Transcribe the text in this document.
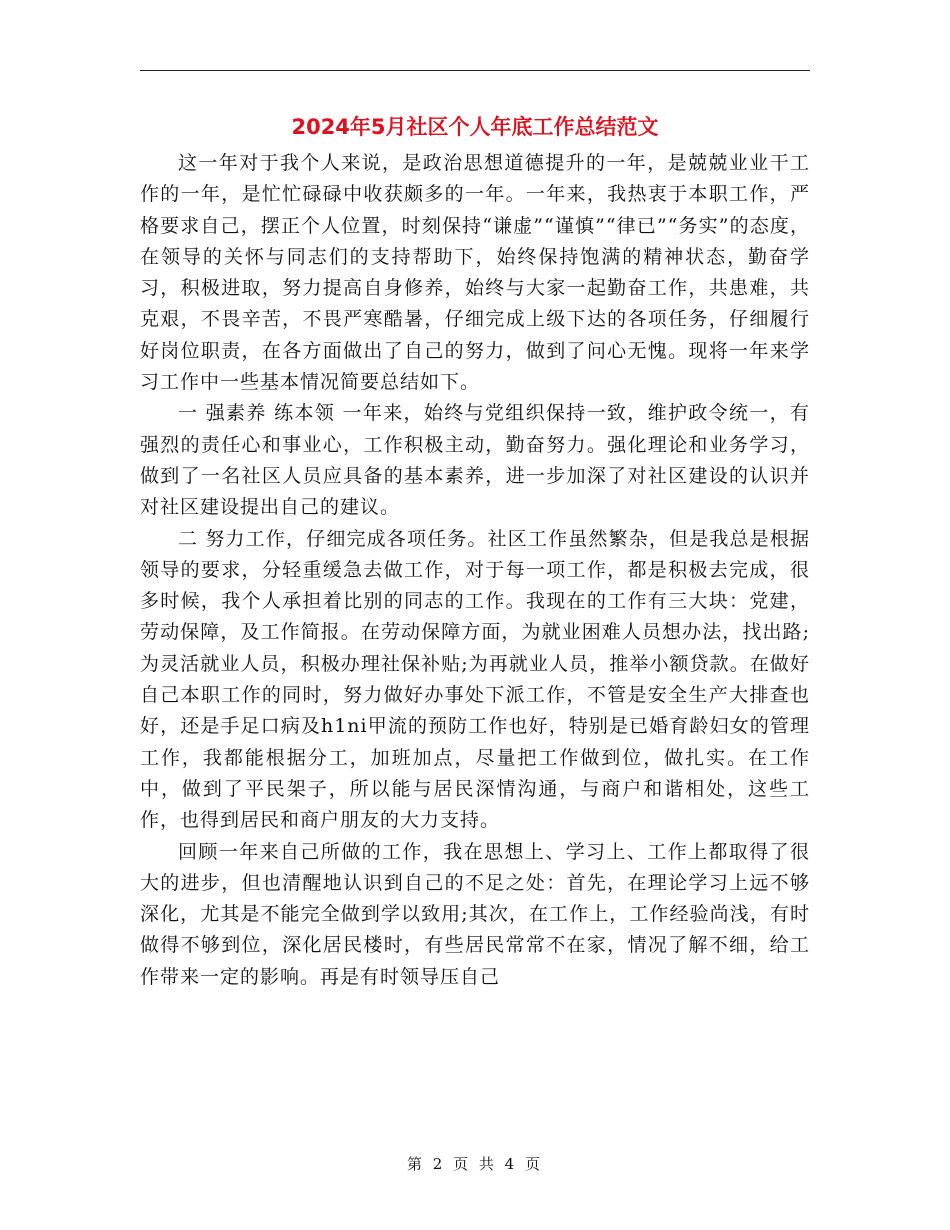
2024年5月社区个人年底工作总结范文

这一年对于我个人来说，是政治思想道德提升的一年，是兢兢业业干工作的一年，是忙忙碌碌中收获颇多的一年。一年来，我热衷于本职工作，严格要求自己，摆正个人位置，时刻保持“谦虚”“谨慎”“律已”“务实”的态度，在领导的关怀与同志们的支持帮助下，始终保持饱满的精神状态，勤奋学习，积极进取，努力提高自身修养，始终与大家一起勤奋工作，共患难，共克艰，不畏辛苦，不畏严寒酷暑，仔细完成上级下达的各项任务，仔细履行好岗位职责，在各方面做出了自己的努力，做到了问心无愧。现将一年来学习工作中一些基本情况简要总结如下。

一 强素养 练本领 一年来，始终与党组织保持一致，维护政令统一，有强烈的责任心和事业心，工作积极主动，勤奋努力。强化理论和业务学习，做到了一名社区人员应具备的基本素养，进一步加深了对社区建设的认识并对社区建设提出自己的建议。

二 努力工作，仔细完成各项任务。社区工作虽然繁杂，但是我总是根据领导的要求，分轻重缓急去做工作，对于每一项工作，都是积极去完成，很多时候，我个人承担着比别的同志的工作。我现在的工作有三大块：党建，劳动保障，及工作简报。在劳动保障方面，为就业困难人员想办法，找出路;为灵活就业人员，积极办理社保补贴;为再就业人员，推举小额贷款。在做好自己本职工作的同时，努力做好办事处下派工作，不管是安全生产大排查也好，还是手足口病及h1ni甲流的预防工作也好，特别是已婚育龄妇女的管理工作，我都能根据分工，加班加点，尽量把工作做到位，做扎实。在工作中，做到了平民架子，所以能与居民深情沟通，与商户和谐相处，这些工作，也得到居民和商户朋友的大力支持。

回顾一年来自己所做的工作，我在思想上、学习上、工作上都取得了很大的进步，但也清醒地认识到自己的不足之处：首先，在理论学习上远不够深化，尤其是不能完全做到学以致用;其次，在工作上，工作经验尚浅，有时做得不够到位，深化居民楼时，有些居民常常不在家，情况了解不细，给工作带来一定的影响。再是有时领导压自己

第 2 页 共 4 页
